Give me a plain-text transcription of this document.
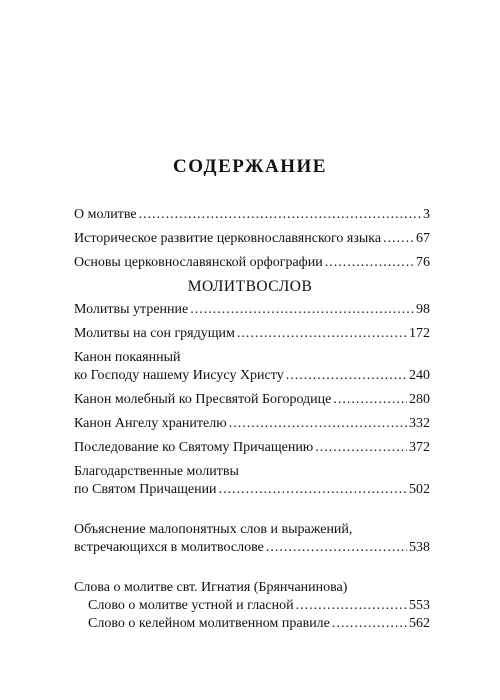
СОДЕРЖАНИЕ
О молитве .....	3
Историческое развитие церковнославянского языка ..... 67
Основы церковнославянской орфографии .....	76
МОЛИТВОСЛОВ
Молитвы утренние .....	98
Молитвы на сон грядущим .....	172
Канон покаянный
ко Господу нашему Иисусу Христу .....	240
Канон молебный ко Пресвятой Богородице .....	280
Канон Ангелу хранителю .....	332
Последование ко Святому Причащению .....	372
Благодарственные молитвы
по Святом Причащении .....	502
Объяснение малопонятных слов и выражений,
встречающихся в молитвослове .....	538
Слова о молитве свт. Игнатия (Брянчанинова)
Слово о молитве устной и гласной .....	553
Слово о келейном молитвенном правиле .....	562
